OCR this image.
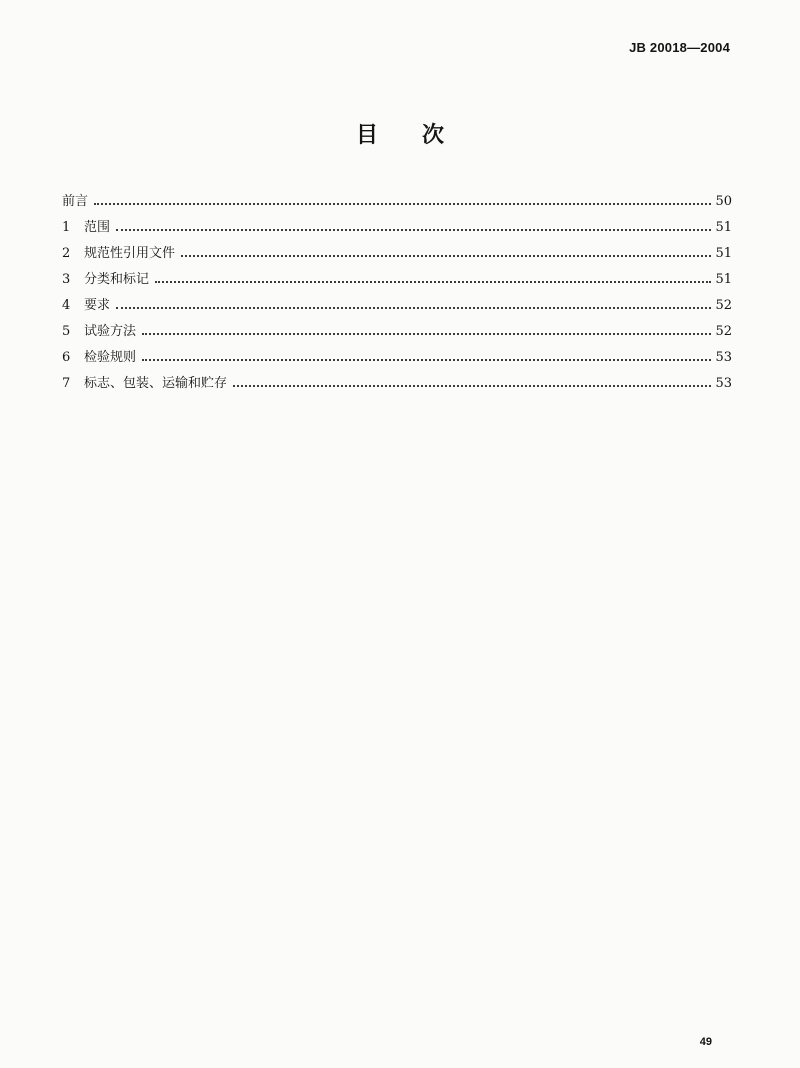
JB 20018—2004
目次
前言	50
1	范围	51
2	规范性引用文件	51
3	分类和标记	51
4	要求	52
5	试验方法	52
6	检验规则	53
7	标志、包装、运输和贮存	53
49
